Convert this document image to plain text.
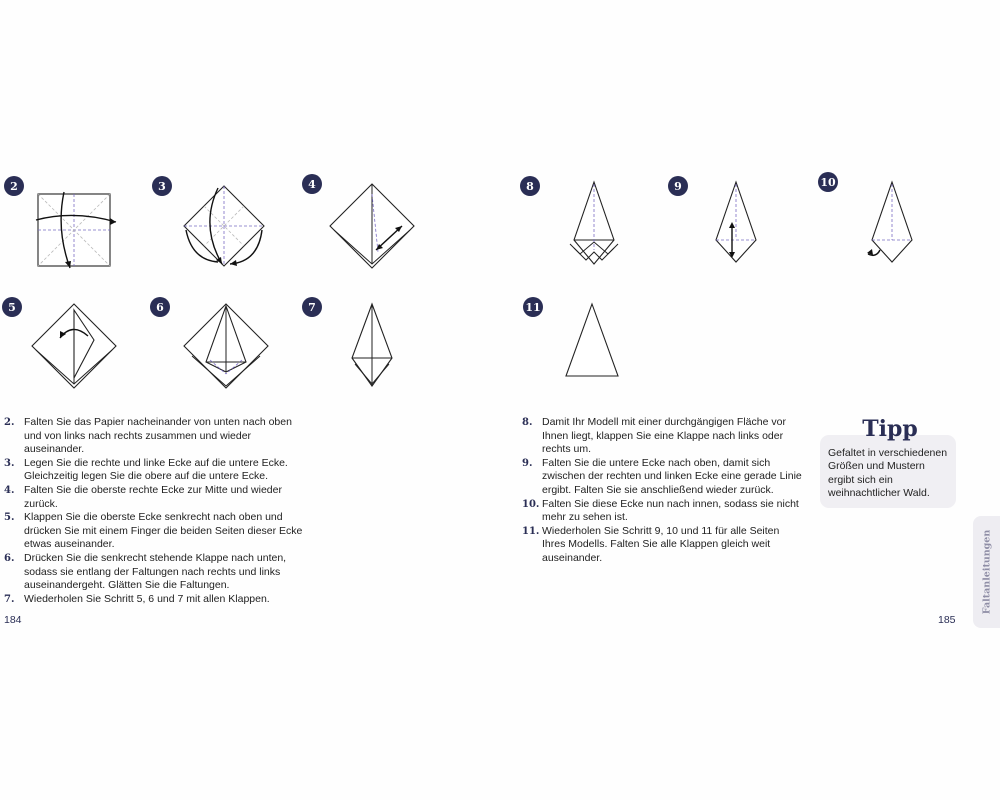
2	3	4
5	6	7
2. Falten Sie das Papier nacheinander von unten nach oben und von links nach rechts zusammen und wieder auseinander.
3. Legen Sie die rechte und linke Ecke auf die untere Ecke. Gleichzeitig legen Sie die obere auf die untere Ecke.
4. Falten Sie die oberste rechte Ecke zur Mitte und wieder zurück.
5. Klappen Sie die oberste Ecke senkrecht nach oben und drücken Sie mit einem Finger die beiden Seiten dieser Ecke etwas auseinander.
6. Drücken Sie die senkrecht stehende Klappe nach unten, sodass sie entlang der Faltungen nach rechts und links auseinandergeht. Glätten Sie die Faltungen.
7. Wiederholen Sie Schritt 5, 6 und 7 mit allen Klappen.
184
8	9	10
11
8. Damit Ihr Modell mit einer durchgängigen Fläche vor Ihnen liegt, klappen Sie eine Klappe nach links oder rechts um.
9. Falten Sie die untere Ecke nach oben, damit sich zwischen der rechten und linken Ecke eine gerade Linie ergibt. Falten Sie sie anschließend wieder zurück.
10. Falten Sie diese Ecke nun nach innen, sodass sie nicht mehr zu sehen ist.
11. Wiederholen Sie Schritt 9, 10 und 11 für alle Seiten Ihres Modells. Falten Sie alle Klappen gleich weit auseinander.
Gefaltet in verschiedenen Größen und Mustern ergibt sich ein weihnachtlicher Wald.
Tipp
185
Faltanleitungen
